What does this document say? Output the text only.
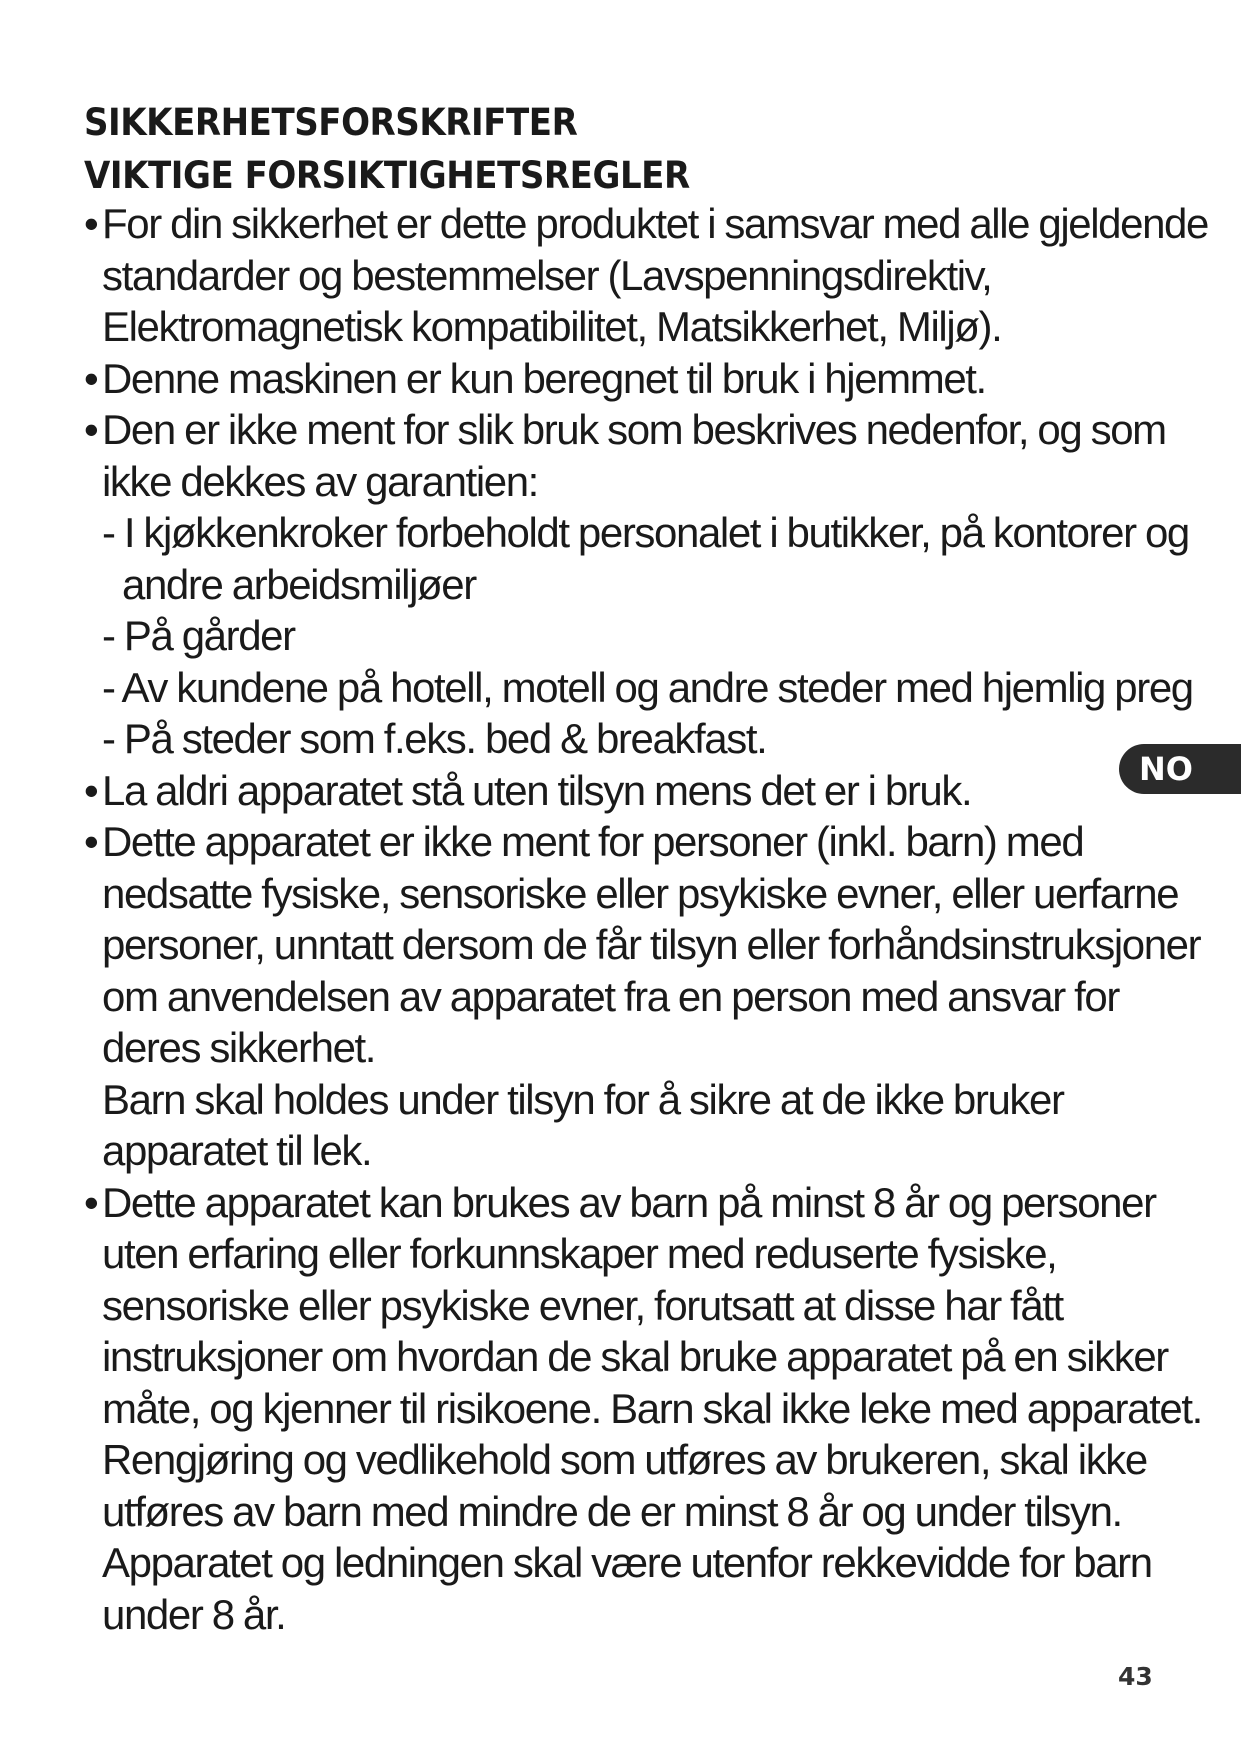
SIKKERHETSFORSKRIFTER
VIKTIGE FORSIKTIGHETSREGLER

• For din sikkerhet er dette produktet i samsvar med alle gjeldende standarder og bestemmelser (Lavspenningsdirektiv, Elektromagnetisk kompatibilitet, Matsikkerhet, Miljø).

• Denne maskinen er kun beregnet til bruk i hjemmet.

• Den er ikke ment for slik bruk som beskrives nedenfor, og som ikke dekkes av garantien:

- I kjøkkenkroker forbeholdt personalet i butikker, på kontorer og andre arbeidsmiljøer

- På gårder

- Av kundene på hotell, motell og andre steder med hjemlig preg

- På steder som f.eks. bed & breakfast.

• La aldri apparatet stå uten tilsyn mens det er i bruk.

• Dette apparatet er ikke ment for personer (inkl. barn) med nedsatte fysiske, sensoriske eller psykiske evner, eller uerfarne personer, unntatt dersom de får tilsyn eller forhåndsinstruksjoner om anvendelsen av apparatet fra en person med ansvar for deres sikkerhet.

Barn skal holdes under tilsyn for å sikre at de ikke bruker apparatet til lek.

• Dette apparatet kan brukes av barn på minst 8 år og personer uten erfaring eller forkunnskaper med reduserte fysiske, sensoriske eller psykiske evner, forutsatt at disse har fått instruksjoner om hvordan de skal bruke apparatet på en sikker måte, og kjenner til risikoene. Barn skal ikke leke med apparatet. Rengjøring og vedlikehold som utføres av brukeren, skal ikke utføres av barn med mindre de er minst 8 år og under tilsyn.

Apparatet og ledningen skal være utenfor rekkevidde for barn under 8 år.

NO
43
